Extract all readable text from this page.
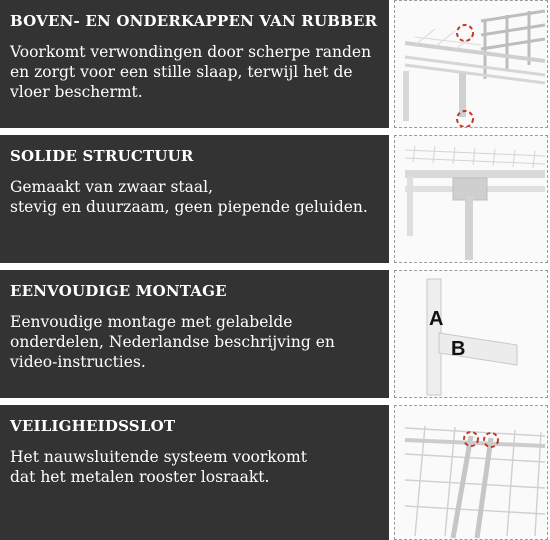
BOVEN- EN ONDERKAPPEN VAN RUBBER
Voorkomt verwondingen door scherpe randen
en zorgt voor een stille slaap, terwijl het de
vloer beschermt.
SOLIDE STRUCTUUR
Gemaakt van zwaar staal,
stevig en duurzaam, geen piepende geluiden.
EENVOUDIGE MONTAGE
Eenvoudige montage met gelabelde
onderdelen, Nederlandse beschrijving en
video-instructies.
A
B
VEILIGHEIDSSLOT
Het nauwsluitende systeem voorkomt
dat het metalen rooster losraakt.
